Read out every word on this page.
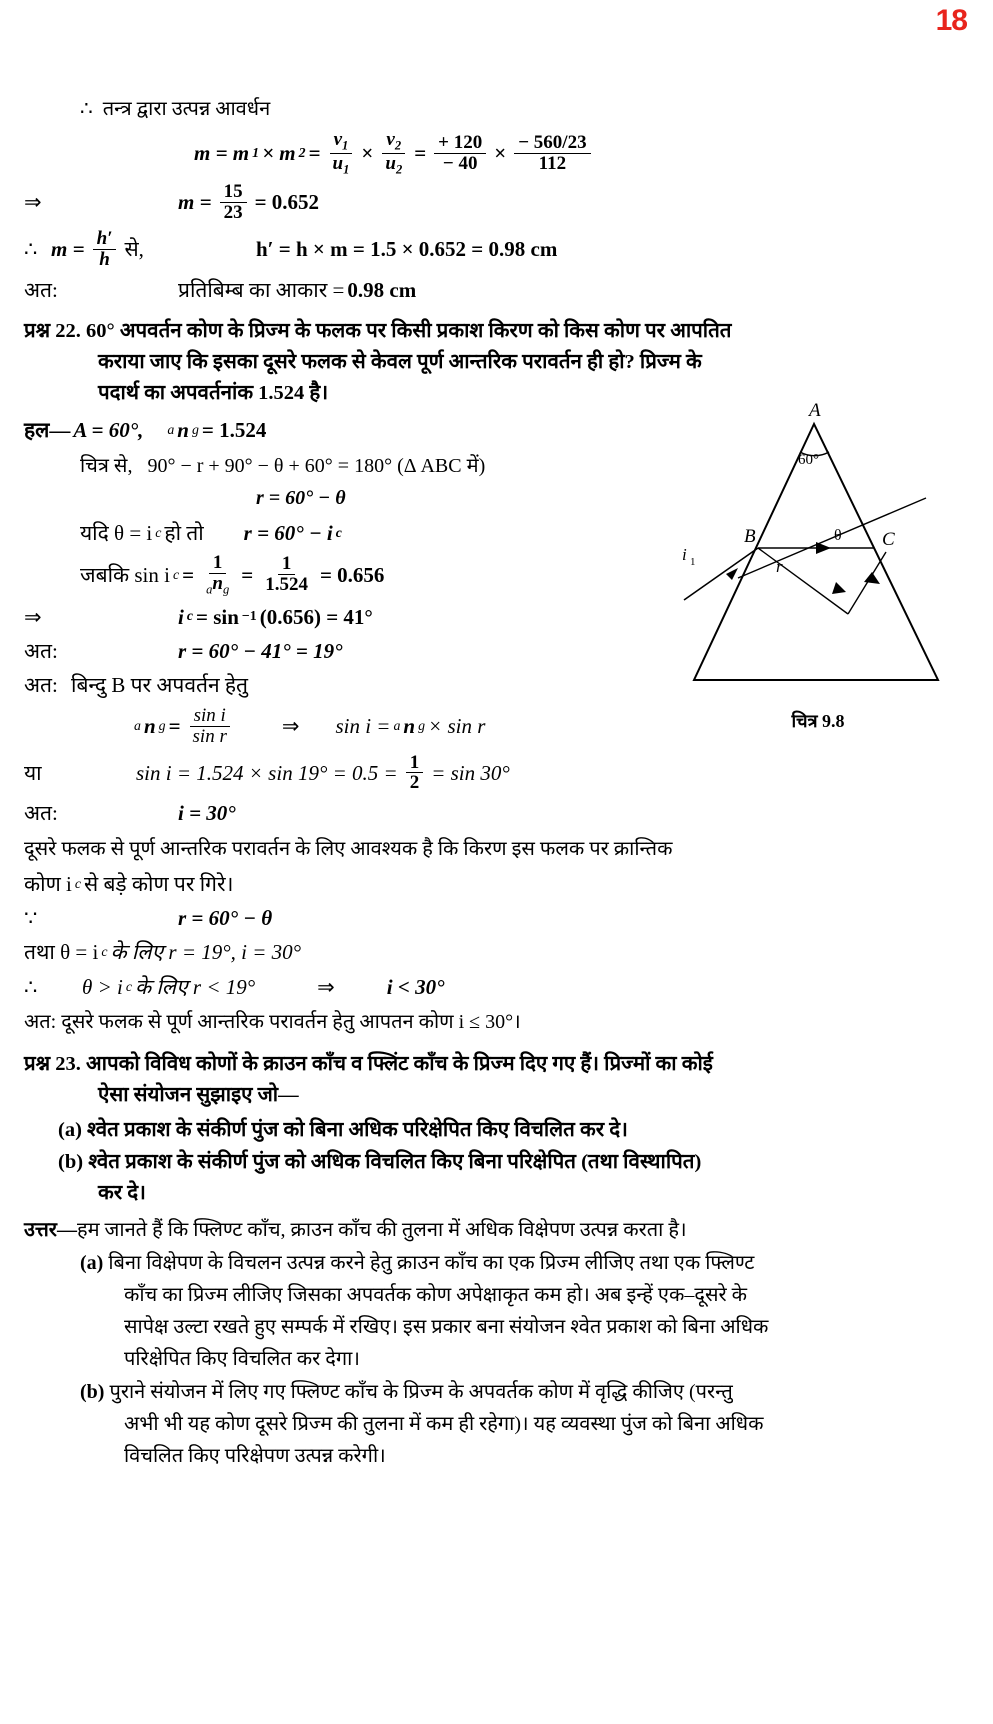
18
∴  तन्त्र द्वारा उत्पन्न आवर्धन
m = m 1 × m $2 = \frac{v_1}{u_1} \times \frac{v_2}{u_2} = \frac{+ 120}{- 40} \times \frac{- 560/23}{112}$
⇒	$m = \frac{15}{23} = 0.652$
∴ $m = \frac{h'}{h}$ से,	h′ = h × m = 1.5 × 0.652 = 0.98 cm
अत:	प्रतिबिम्ब का आकार = 0.98 cm
प्रश्न 22. 60° अपवर्तन कोण के प्रिज्म के फलक पर किसी प्रकाश किरण को किस कोण पर आपतित
कराया जाए कि इसका दूसरे फलक से केवल पूर्ण आन्तरिक परावर्तन ही हो? प्रिज्म के
पदार्थ का अपवर्तनांक 1.524 है।
A
60°
B	C
i 1	r
θ
चित्र 9.8
हल— A = 60°, a n g = 1.524
चित्र से,   90° − r + 90° − θ + 60° = 180° (Δ ABC में)
r = 60° − θ
यदि θ = i c हो तो r = 60° − i c
जबकि sin i $c = \frac{1}{_an_g} = \frac{1}{1.524} = 0.656$
⇒	i c = sin −1 (0.656) = 41°
अत:	r = 60° − 41° = 19°
अत: बिन्दु B पर अपवर्तन हेतु
a n $g = \frac{\text{sin i}}{\text{sin r}}$ ⇒ sin i = a n g × sin r
या	$\sin i = 1.524 \times \sin 19^\circ = 0.5 = \frac{1}{2} = \sin 30^\circ$
अत:	i = 30°
दूसरे फलक से पूर्ण आन्तरिक परावर्तन के लिए आवश्यक है कि किरण इस फलक पर क्रान्तिक
कोण i c से बड़े कोण पर गिरे।
∵	r = 60° − θ
तथा θ = i c के लिए r = 19°, i = 30°
∴	θ > i c के लिए r < 19°	⇒ i < 30°
अत: दूसरे फलक से पूर्ण आन्तरिक परावर्तन हेतु आपतन कोण i ≤ 30°।
प्रश्न 23. आपको विविध कोणों के क्राउन काँच व फ्लिंट काँच के प्रिज्म दिए गए हैं। प्रिज्मों का कोई
ऐसा संयोजन सुझाइए जो—
(a) श्वेत प्रकाश के संकीर्ण पुंज को बिना अधिक परिक्षेपित किए विचलित कर दे।
(b) श्वेत प्रकाश के संकीर्ण पुंज को अधिक विचलित किए बिना परिक्षेपित (तथा विस्थापित)
कर दे।
उत्तर—हम जानते हैं कि फ्लिण्ट काँच, क्राउन काँच की तुलना में अधिक विक्षेपण उत्पन्न करता है।
(a) बिना विक्षेपण के विचलन उत्पन्न करने हेतु क्राउन काँच का एक प्रिज्म लीजिए तथा एक फ्लिण्ट
काँच का प्रिज्म लीजिए जिसका अपवर्तक कोण अपेक्षाकृत कम हो। अब इन्हें एक–दूसरे के
सापेक्ष उल्टा रखते हुए सम्पर्क में रखिए। इस प्रकार बना संयोजन श्वेत प्रकाश को बिना अधिक
परिक्षेपित किए विचलित कर देगा।
(b) पुराने संयोजन में लिए गए फ्लिण्ट काँच के प्रिज्म के अपवर्तक कोण में वृद्धि कीजिए (परन्तु
अभी भी यह कोण दूसरे प्रिज्म की तुलना में कम ही रहेगा)। यह व्यवस्था पुंज को बिना अधिक
विचलित किए परिक्षेपण उत्पन्न करेगी।
